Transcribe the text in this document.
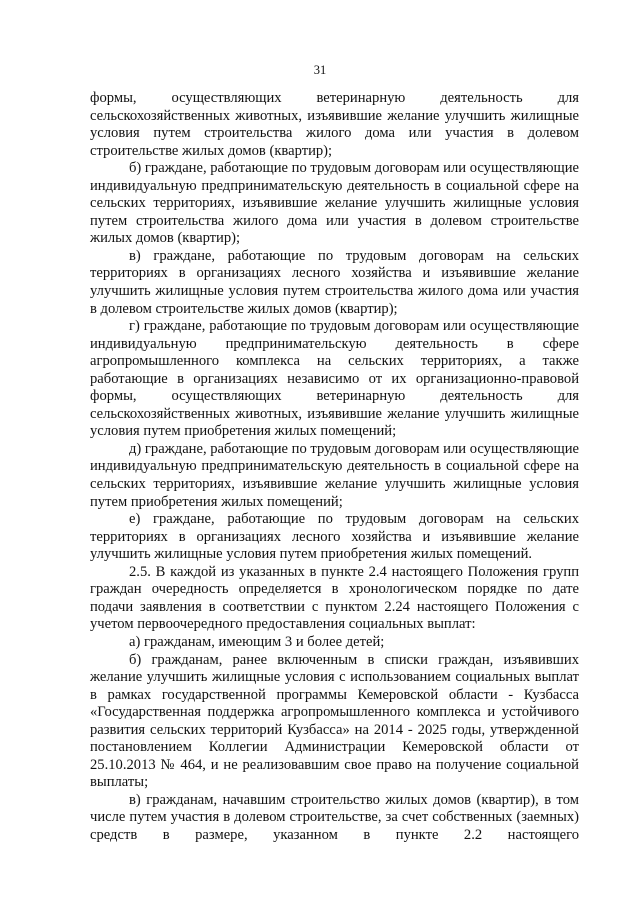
31

формы, осуществляющих ветеринарную деятельность для сельскохозяйственных животных, изъявившие желание улучшить жилищные условия путем строительства жилого дома или участия в долевом строительстве жилых домов (квартир);

б) граждане, работающие по трудовым договорам или осуществляющие индивидуальную предпринимательскую деятельность в социальной сфере на сельских территориях, изъявившие желание улучшить жилищные условия путем строительства жилого дома или участия в долевом строительстве жилых домов (квартир);

в) граждане, работающие по трудовым договорам на сельских территориях в организациях лесного хозяйства и изъявившие желание улучшить жилищные условия путем строительства жилого дома или участия в долевом строительстве жилых домов (квартир);

г) граждане, работающие по трудовым договорам или осуществляющие индивидуальную предпринимательскую деятельность в сфере агропромышленного комплекса на сельских территориях, а также работающие в организациях независимо от их организационно-правовой формы, осуществляющих ветеринарную деятельность для сельскохозяйственных животных, изъявившие желание улучшить жилищные условия путем приобретения жилых помещений;

д) граждане, работающие по трудовым договорам или осуществляющие индивидуальную предпринимательскую деятельность в социальной сфере на сельских территориях, изъявившие желание улучшить жилищные условия путем приобретения жилых помещений;

е) граждане, работающие по трудовым договорам на сельских территориях в организациях лесного хозяйства и изъявившие желание улучшить жилищные условия путем приобретения жилых помещений.

2.5. В каждой из указанных в пункте 2.4 настоящего Положения групп граждан очередность определяется в хронологическом порядке по дате подачи заявления в соответствии с пунктом 2.24 настоящего Положения с учетом первоочередного предоставления социальных выплат:

а) гражданам, имеющим 3 и более детей;

б) гражданам, ранее включенным в списки граждан, изъявивших желание улучшить жилищные условия с использованием социальных выплат в рамках государственной программы Кемеровской области - Кузбасса «Государственная поддержка агропромышленного комплекса и устойчивого развития сельских территорий Кузбасса» на 2014 - 2025 годы, утвержденной постановлением Коллегии Администрации Кемеровской области от 25.10.2013 № 464, и не реализовавшим свое право на получение социальной выплаты;

в) гражданам, начавшим строительство жилых домов (квартир), в том числе путем участия в долевом строительстве, за счет собственных (заемных) средств в размере, указанном в пункте 2.2 настоящего
